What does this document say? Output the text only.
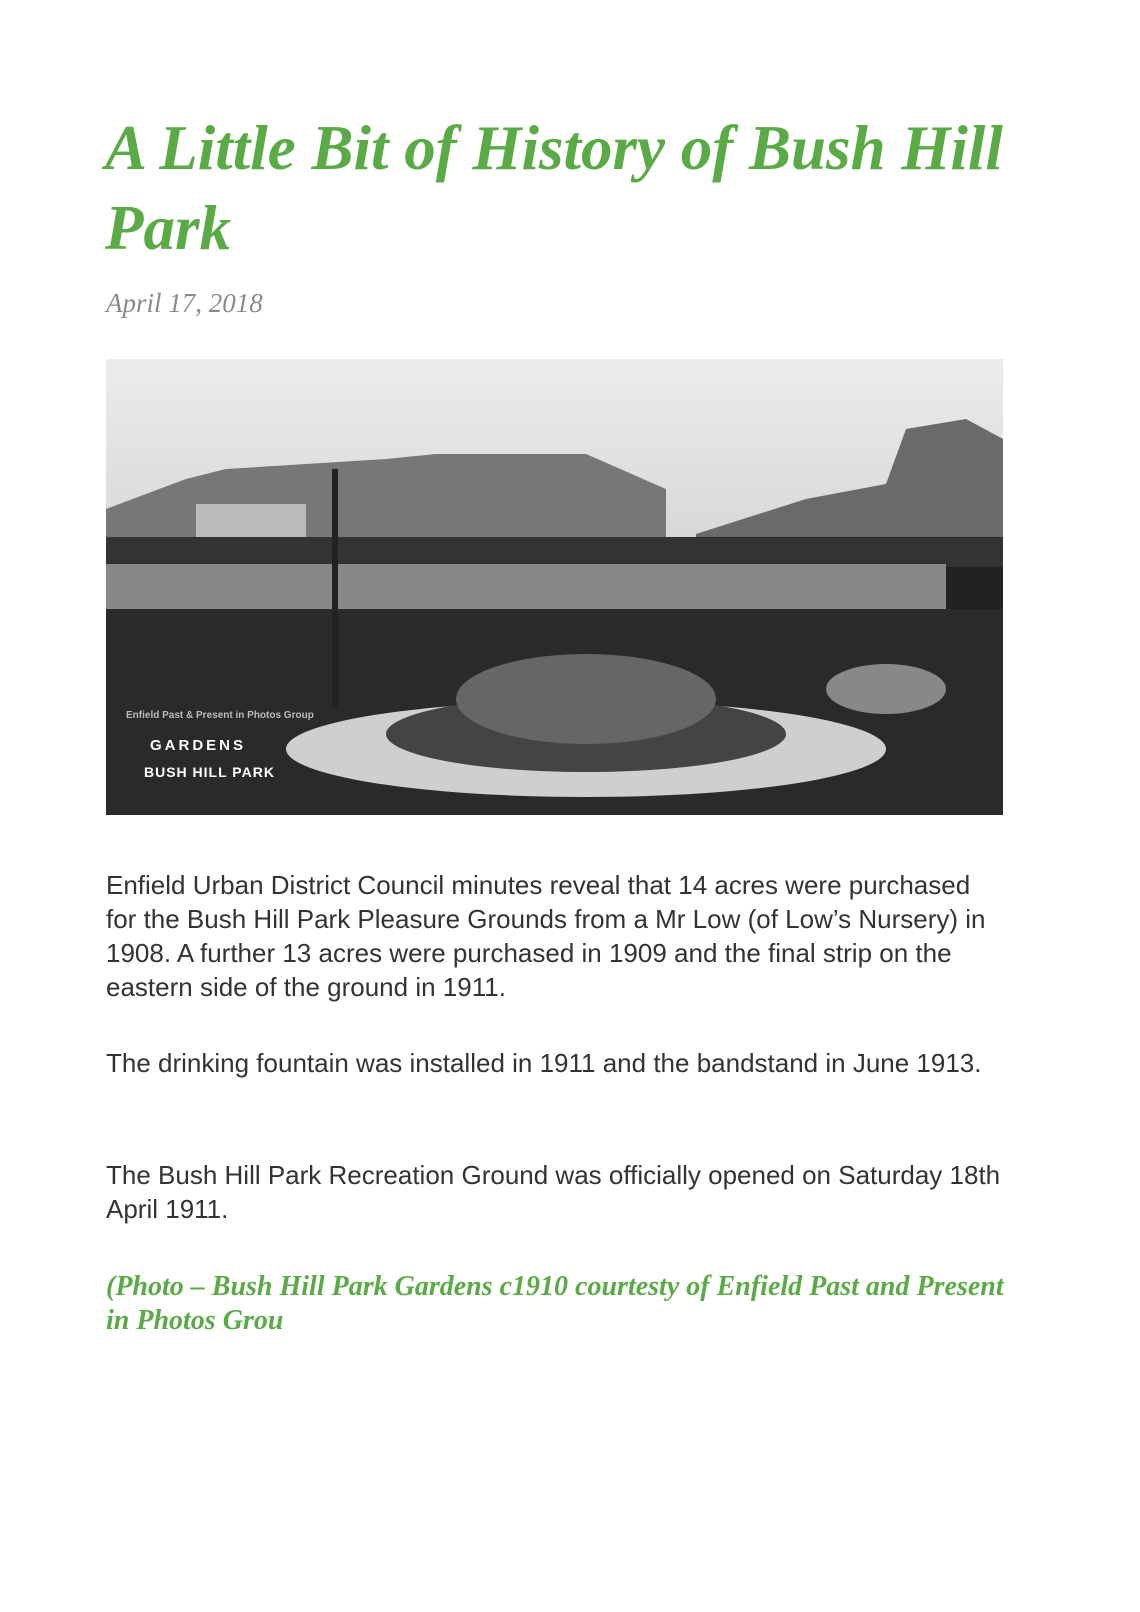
A Little Bit of History of Bush Hill Park
April 17, 2018
Enfield Past & Present in Photos Group
GARDENS
BUSH HILL PARK

Enfield Urban District Council minutes reveal that 14 acres were purchased for the Bush Hill Park Pleasure Grounds from a Mr Low (of Low’s Nursery) in 1908. A further 13 acres were purchased in 1909 and the final strip on the eastern side of the ground in 1911.

The drinking fountain was installed in 1911 and the bandstand in June 1913.

The Bush Hill Park Recreation Ground was officially opened on Saturday 18th April 1911.

(Photo – Bush Hill Park Gardens c1910 courtesty of Enfield Past and Present in Photos Grou
